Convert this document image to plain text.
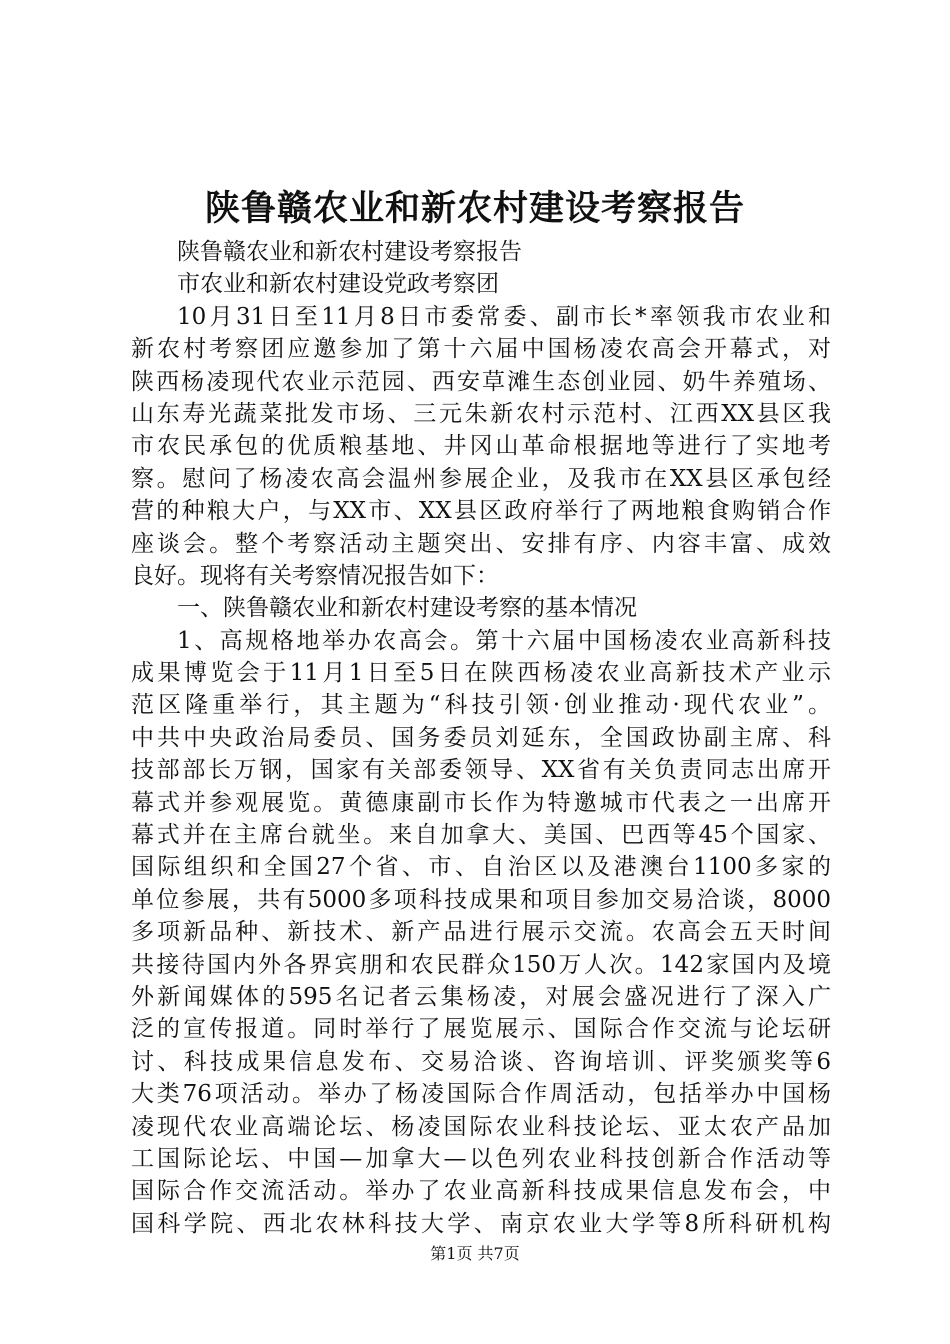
陕鲁赣农业和新农村建设考察报告
陕鲁赣农业和新农村建设考察报告
市农业和新农村建设党政考察团
10月31日至11月8日市委常委、副市长*率领我市农业和
新农村考察团应邀参加了第十六届中国杨凌农高会开幕式，对
陕西杨凌现代农业示范园、西安草滩生态创业园、奶牛养殖场、
山东寿光蔬菜批发市场、三元朱新农村示范村、江西XX县区我
市农民承包的优质粮基地、井冈山革命根据地等进行了实地考
察。慰问了杨凌农高会温州参展企业，及我市在XX县区承包经
营的种粮大户，与XX市、XX县区政府举行了两地粮食购销合作
座谈会。整个考察活动主题突出、安排有序、内容丰富、成效
良好。现将有关考察情况报告如下：
一、陕鲁赣农业和新农村建设考察的基本情况
1、高规格地举办农高会。第十六届中国杨凌农业高新科技
成果博览会于11月1日至5日在陕西杨凌农业高新技术产业示
范区隆重举行，其主题为“科技引领·创业推动·现代农业”。
中共中央政治局委员、国务委员刘延东，全国政协副主席、科
技部部长万钢，国家有关部委领导、XX省有关负责同志出席开
幕式并参观展览。黄德康副市长作为特邀城市代表之一出席开
幕式并在主席台就坐。来自加拿大、美国、巴西等45个国家、
国际组织和全国27个省、市、自治区以及港澳台1100多家的
单位参展，共有5000多项科技成果和项目参加交易洽谈，8000
多项新品种、新技术、新产品进行展示交流。农高会五天时间
共接待国内外各界宾朋和农民群众150万人次。142家国内及境
外新闻媒体的595名记者云集杨凌，对展会盛况进行了深入广
泛的宣传报道。同时举行了展览展示、国际合作交流与论坛研
讨、科技成果信息发布、交易洽谈、咨询培训、评奖颁奖等6
大类76项活动。举办了杨凌国际合作周活动，包括举办中国杨
凌现代农业高端论坛、杨凌国际农业科技论坛、亚太农产品加
工国际论坛、中国—加拿大—以色列农业科技创新合作活动等
国际合作交流活动。举办了农业高新科技成果信息发布会，中
国科学院、西北农林科技大学、南京农业大学等8所科研机构
第1页 共7页
